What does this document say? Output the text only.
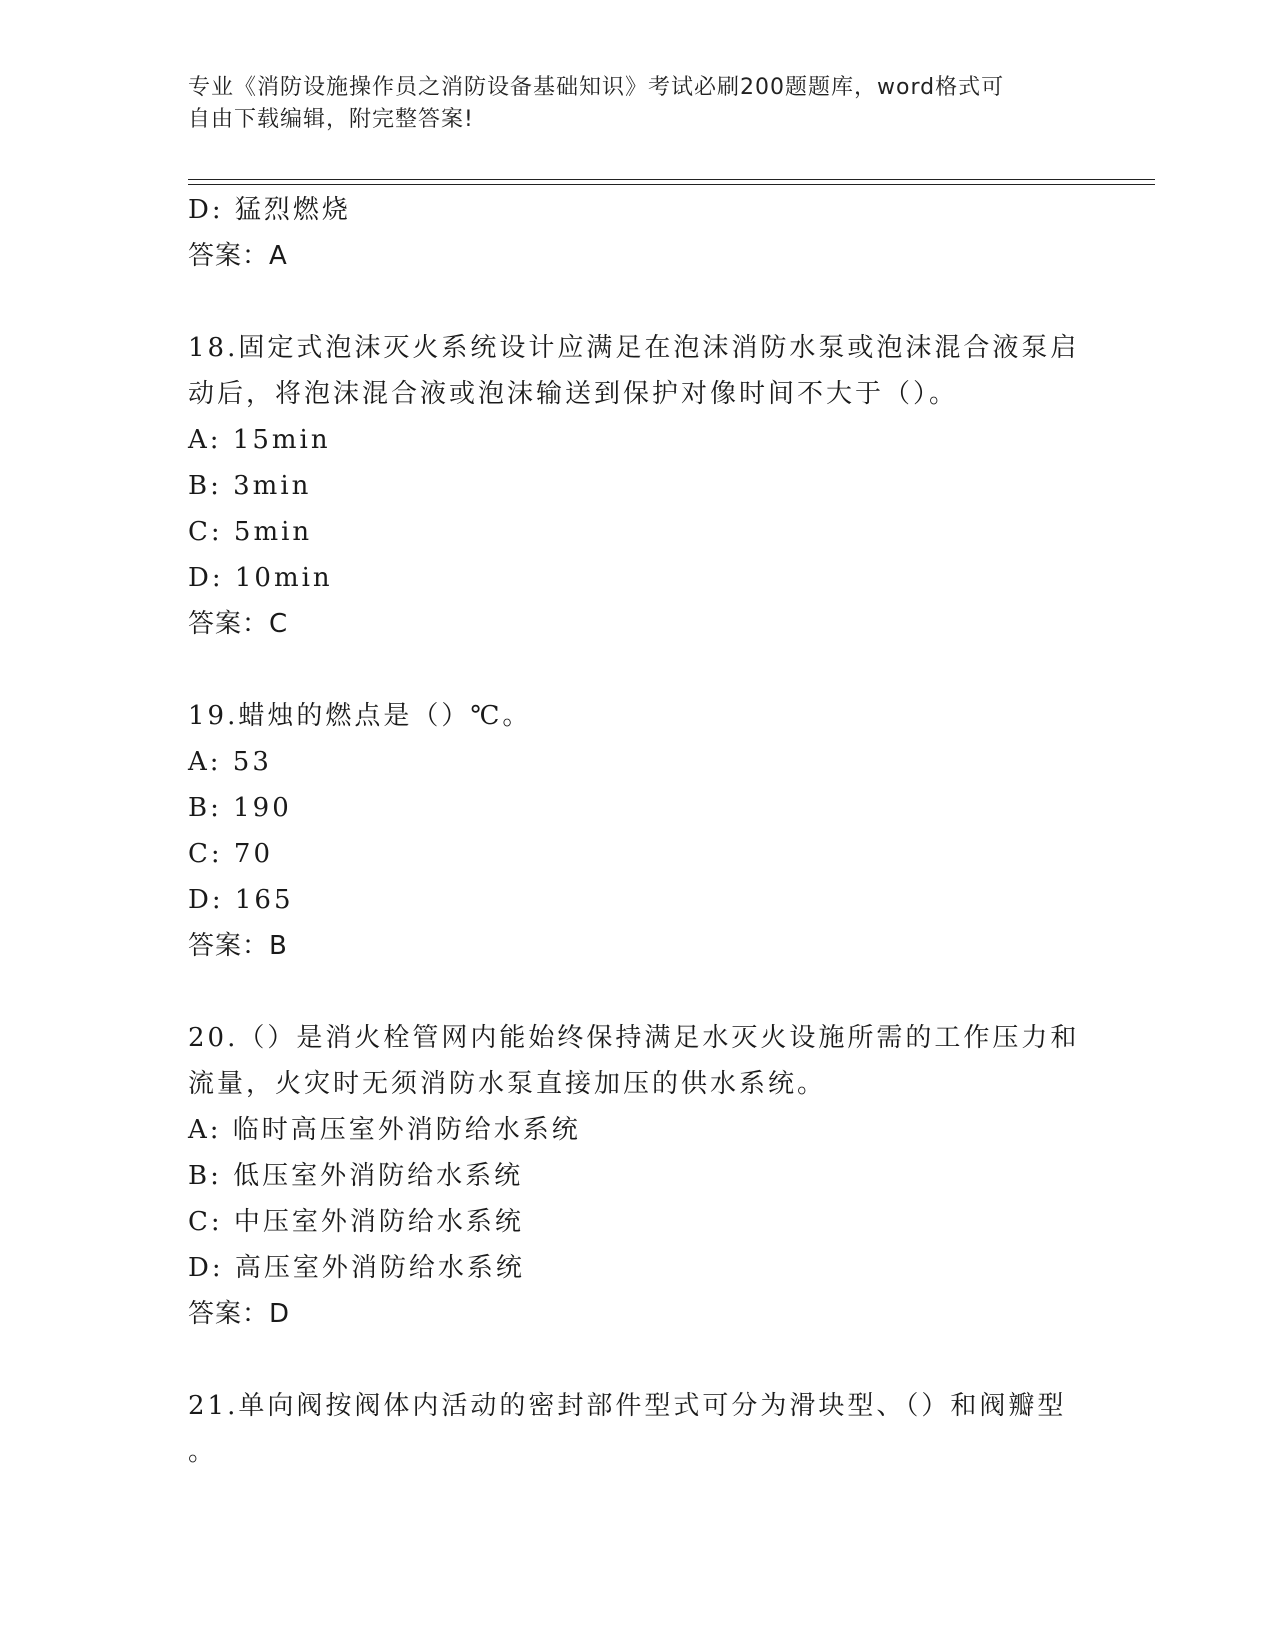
专业《消防设施操作员之消防设备基础知识》考试必刷200题题库，word格式可
自由下载编辑，附完整答案!
D: 猛烈燃烧
答案：A
18.固定式泡沫灭火系统设计应满足在泡沫消防水泵或泡沫混合液泵启
动后，将泡沫混合液或泡沫输送到保护对像时间不大于（）。
A: 15min
B: 3min
C: 5min
D: 10min
答案：C
19.蜡烛的燃点是（）℃。
A: 53
B: 190
C: 70
D: 165
答案：B
20.（）是消火栓管网内能始终保持满足水灭火设施所需的工作压力和
流量，火灾时无须消防水泵直接加压的供水系统。
A: 临时高压室外消防给水系统
B: 低压室外消防给水系统
C: 中压室外消防给水系统
D: 高压室外消防给水系统
答案：D
21.单向阀按阀体内活动的密封部件型式可分为滑块型、（）和阀瓣型
。
